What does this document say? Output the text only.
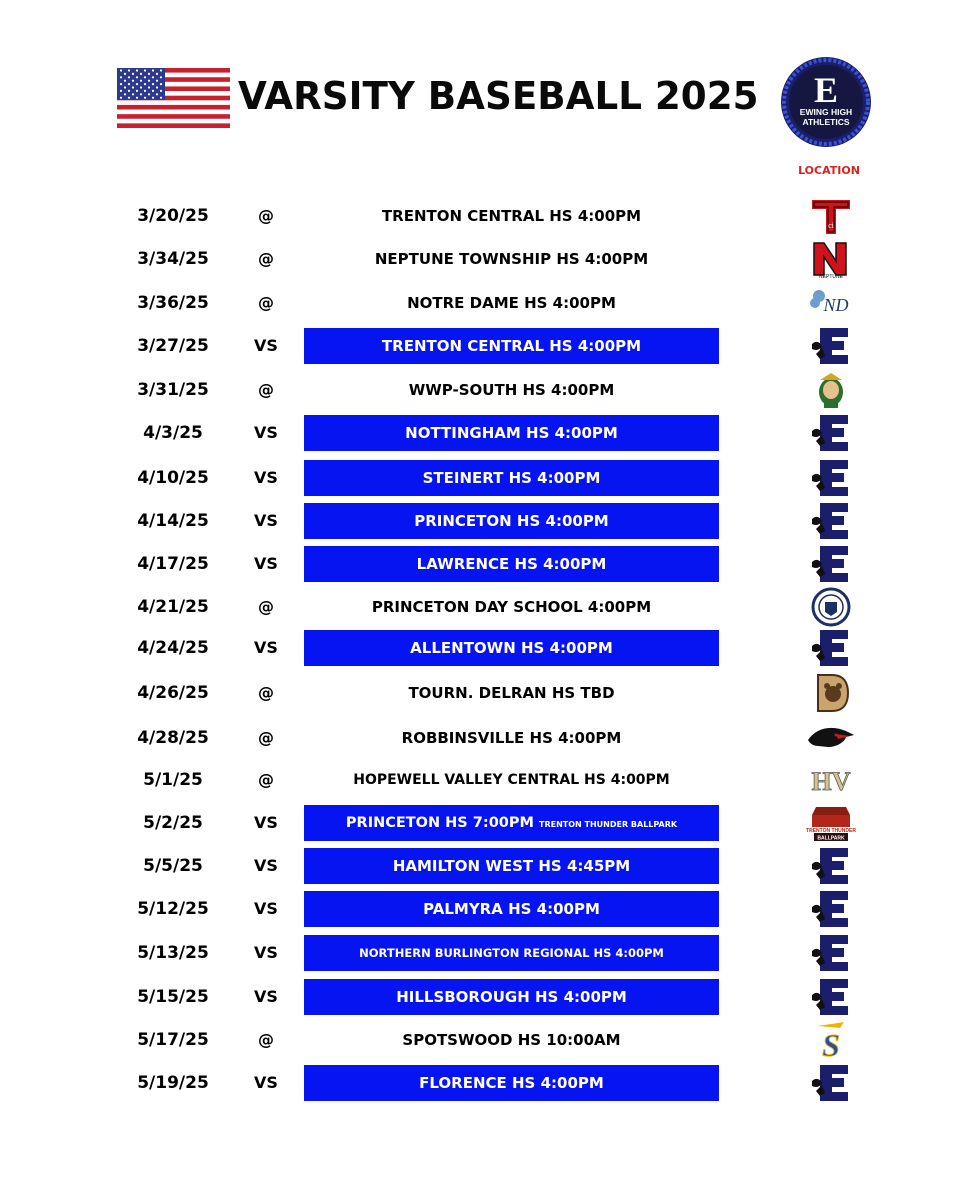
VARSITY BASEBALL 2025 E
EWING HIGH
ATHLETICS
LOCATION
3/20/25	@	TRENTON CENTRAL HS 4:00PM
ci
3/34/25	@	NEPTUNE TOWNSHIP HS 4:00PM
NEPTUNE
3/36/25	@	NOTRE DAME HS 4:00PM	ND
3/27/25	VS	TRENTON CENTRAL HS 4:00PM
3/31/25	@	WWP-SOUTH HS 4:00PM
4/3/25	VS	NOTTINGHAM HS 4:00PM
4/10/25	VS	STEINERT HS 4:00PM
4/14/25	VS	PRINCETON HS 4:00PM
4/17/25	VS	LAWRENCE HS 4:00PM
4/21/25	@	PRINCETON DAY SCHOOL 4:00PM
4/24/25	VS	ALLENTOWN HS 4:00PM
4/26/25	@	TOURN. DELRAN HS TBD
4/28/25	@	ROBBINSVILLE HS 4:00PM
5/1/25	@	HOPEWELL VALLEY CENTRAL HS 4:00PM	HV
5/2/25	VS	PRINCETON HS 7:00PM TRENTON THUNDER BALLPARK
TRENTON THUNDER
BALLPARK
5/5/25	VS	HAMILTON WEST HS 4:45PM
5/12/25	VS	PALMYRA HS 4:00PM
5/13/25	VS	NORTHERN BURLINGTON REGIONAL HS 4:00PM
5/15/25	VS	HILLSBOROUGH HS 4:00PM
5/17/25	@	SPOTSWOOD HS 10:00AM	S
5/19/25	VS	FLORENCE HS 4:00PM
